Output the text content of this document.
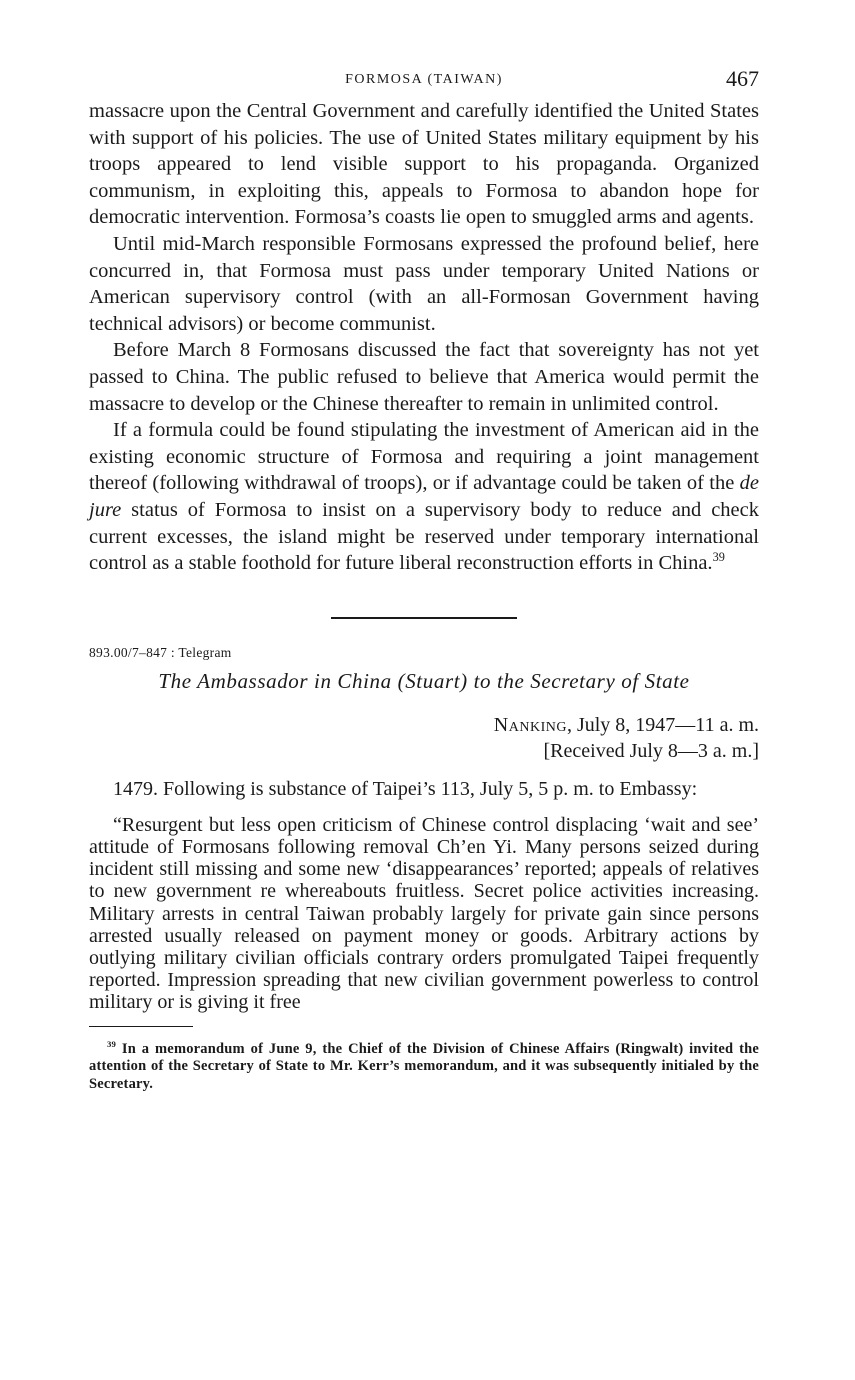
FORMOSA (TAIWAN)	467

massacre upon the Central Government and carefully identified the United States with support of his policies. The use of United States military equipment by his troops appeared to lend visible support to his propaganda. Organized communism, in exploiting this, appeals to Formosa to abandon hope for democratic intervention. Formosa’s coasts lie open to smuggled arms and agents.

Until mid-March responsible Formosans expressed the profound belief, here concurred in, that Formosa must pass under temporary United Nations or American supervisory control (with an all-Formosan Government having technical advisors) or become communist.

Before March 8 Formosans discussed the fact that sovereignty has not yet passed to China. The public refused to believe that America would permit the massacre to develop or the Chinese thereafter to remain in unlimited control.

If a formula could be found stipulating the investment of American aid in the existing economic structure of Formosa and requiring a joint management thereof (following withdrawal of troops), or if advantage could be taken of the de jure status of Formosa to insist on a supervisory body to reduce and check current excesses, the island might be reserved under temporary international control as a stable foothold for future liberal reconstruction efforts in China.$^{39}$

893.00/7–847 : Telegram
The Ambassador in China (Stuart) to the Secretary of State
Nanking, July 8, 1947—11 a. m.
[Received July 8—3 a. m.]

1479. Following is substance of Taipei’s 113, July 5, 5 p. m. to Embassy:

“Resurgent but less open criticism of Chinese control displacing ‘wait and see’ attitude of Formosans following removal Ch’en Yi. Many persons seized during incident still missing and some new ‘disappearances’ reported; appeals of relatives to new government re whereabouts fruitless. Secret police activities increasing. Military arrests in central Taiwan probably largely for private gain since persons arrested usually released on payment money or goods. Arbitrary actions by outlying military civilian officials contrary orders promulgated Taipei frequently reported. Impression spreading that new civilian government powerless to control military or is giving it free

$^{39}$ In a memorandum of June 9, the Chief of the Division of Chinese Affairs (Ringwalt) invited the attention of the Secretary of State to Mr. Kerr’s memorandum, and it was subsequently initialed by the Secretary.
